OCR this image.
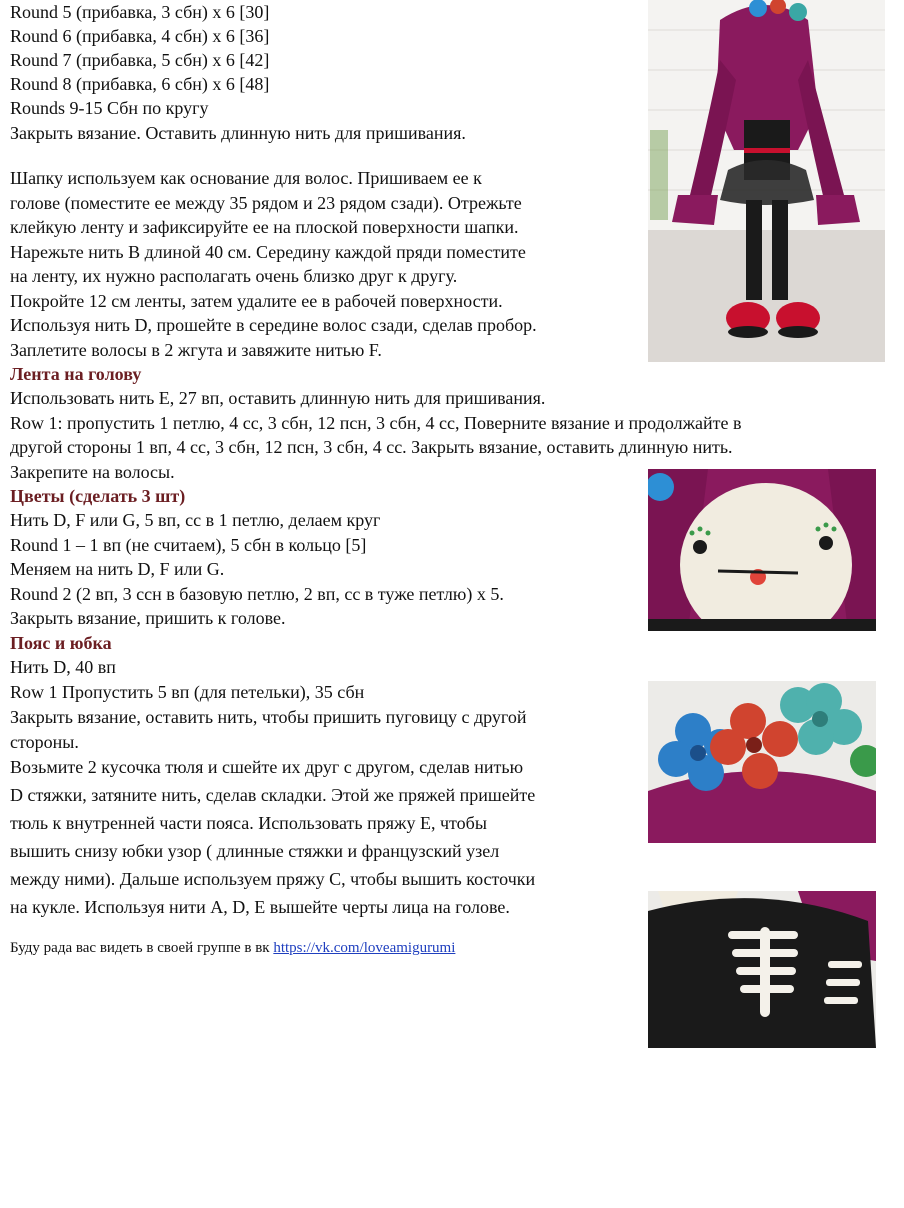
Round 5 (прибавка, 3 сбн) х 6 [30]
Round 6 (прибавка, 4 сбн) х 6 [36]
Round 7 (прибавка, 5 сбн) х 6 [42]
Round 8 (прибавка, 6 сбн) х 6 [48]
Rounds 9-15 Сбн по кругу
Закрыть вязание. Оставить длинную нить для пришивания.
Шапку используем как основание для волос. Пришиваем ее к
голове (поместите ее между 35 рядом и 23 рядом сзади). Отрежьте
клейкую ленту и зафиксируйте ее на плоской поверхности шапки.
Нарежьте нить B длиной 40 см. Середину каждой пряди поместите
на ленту, их нужно располагать очень близко друг к другу.
Покройте 12 см ленты, затем удалите ее в рабочей поверхности.
Используя нить D, прошейте в середине волос сзади, сделав пробор.
Заплетите волосы в 2 жгута и завяжите нитью F.
Лента на голову
Использовать нить E, 27 вп, оставить длинную нить для пришивания.
Row 1: пропустить 1 петлю, 4 сс, 3 сбн, 12 псн, 3 сбн, 4 сс, Поверните вязание и продолжайте в
другой стороны 1 вп, 4 сс, 3 сбн, 12 псн, 3 сбн, 4 сс. Закрыть вязание, оставить длинную нить.
Закрепите на волосы.
Цветы (сделать 3 шт)
Нить D, F или G, 5 вп, сс в 1 петлю, делаем круг
Round 1 – 1 вп (не считаем), 5 сбн в кольцо [5]
Меняем на нить D, F или G.
Round 2 (2 вп, 3 ссн в базовую петлю, 2 вп, сс в туже петлю) х 5.
Закрыть вязание, пришить к голове.
Пояс и юбка
Нить D, 40 вп
Row 1 Пропустить 5 вп (для петельки), 35 сбн
Закрыть вязание, оставить нить, чтобы пришить пуговицу с другой
стороны.
Возьмите 2 кусочка тюля и сшейте их друг с другом, сделав нитью
D стяжки, затяните нить, сделав складки. Этой же пряжей пришейте
тюль к внутренней части пояса. Использовать пряжу E, чтобы
вышить снизу юбки узор ( длинные стяжки и французский узел
между ними). Дальше используем пряжу C, чтобы вышить косточки
на кукле. Используя нити A, D, E вышейте черты лица на голове.
Буду рада вас видеть в своей группе в вк https://vk.com/loveamigurumi
